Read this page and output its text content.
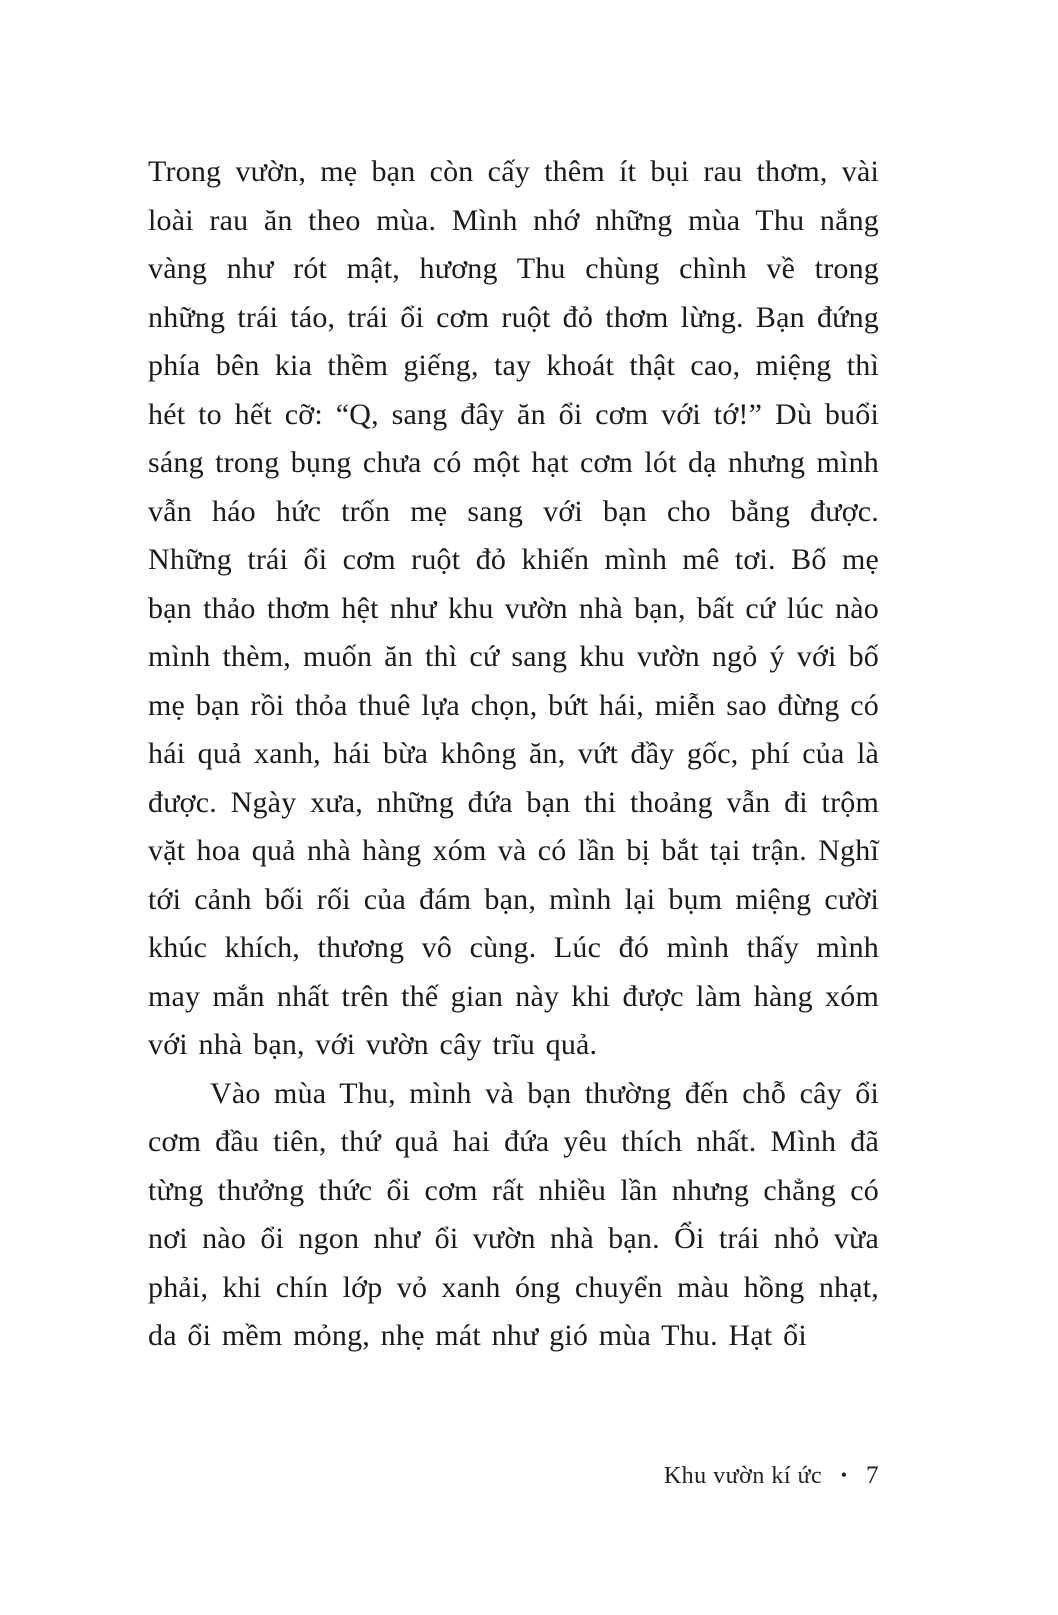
Trong vườn, mẹ bạn còn cấy thêm ít bụi rau thơm, vài loài rau ăn theo mùa. Mình nhớ những mùa Thu nắng vàng như rót mật, hương Thu chùng chình về trong những trái táo, trái ổi cơm ruột đỏ thơm lừng. Bạn đứng phía bên kia thềm giếng, tay khoát thật cao, miệng thì hét to hết cỡ: “Q, sang đây ăn ổi cơm với tớ!” Dù buổi sáng trong bụng chưa có một hạt cơm lót dạ nhưng mình vẫn háo hức trốn mẹ sang với bạn cho bằng được. Những trái ổi cơm ruột đỏ khiến mình mê tơi. Bố mẹ bạn thảo thơm hệt như khu vườn nhà bạn, bất cứ lúc nào mình thèm, muốn ăn thì cứ sang khu vườn ngỏ ý với bố mẹ bạn rồi thỏa thuê lựa chọn, bứt hái, miễn sao đừng có hái quả xanh, hái bừa không ăn, vứt đầy gốc, phí của là được. Ngày xưa, những đứa bạn thi thoảng vẫn đi trộm vặt hoa quả nhà hàng xóm và có lần bị bắt tại trận. Nghĩ tới cảnh bối rối của đám bạn, mình lại bụm miệng cười khúc khích, thương vô cùng. Lúc đó mình thấy mình may mắn nhất trên thế gian này khi được làm hàng xóm với nhà bạn, với vườn cây trĩu quả.

Vào mùa Thu, mình và bạn thường đến chỗ cây ổi cơm đầu tiên, thứ quả hai đứa yêu thích nhất. Mình đã từng thưởng thức ổi cơm rất nhiều lần nhưng chẳng có nơi nào ổi ngon như ổi vườn nhà bạn. Ổi trái nhỏ vừa phải, khi chín lớp vỏ xanh óng chuyển màu hồng nhạt, da ổi mềm mỏng, nhẹ mát như gió mùa Thu. Hạt ổi

Khu vườn kí ức • 7
